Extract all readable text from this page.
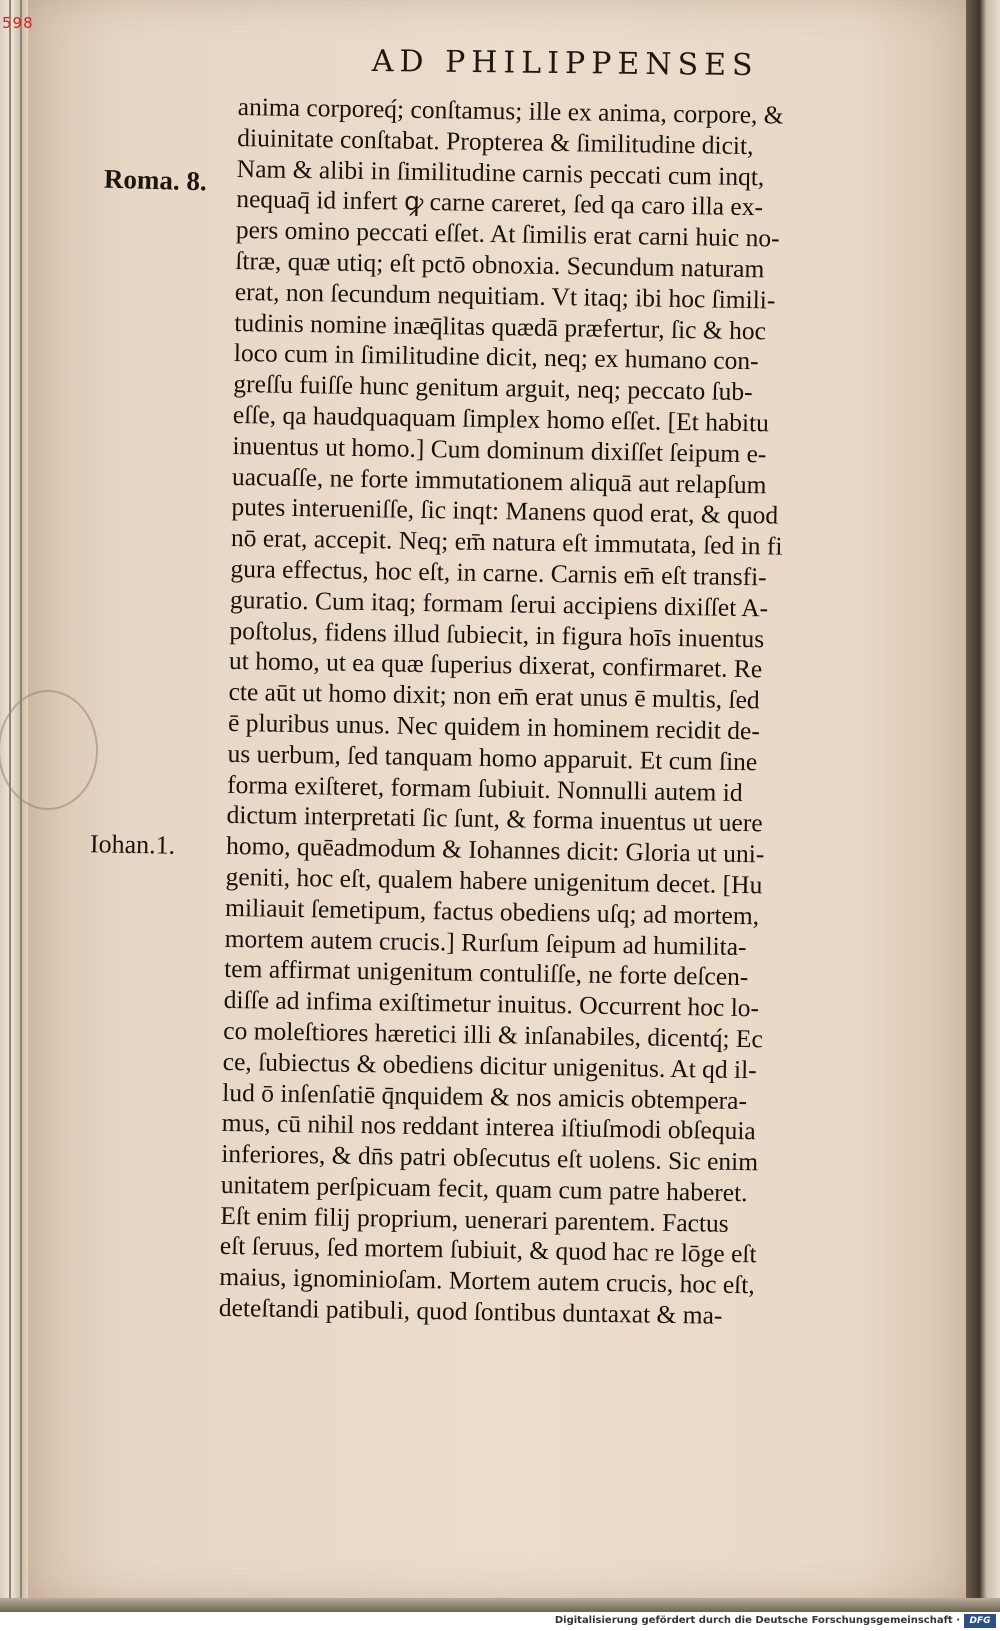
598
AD PHILIPPENSES
Roma. 8.
Iohan.1.
anima corporeq́; conſtamus; ille ex anima, corpore, &
diuinitate conſtabat. Propterea & ſimilitudine dicit,
Nam & alibi in ſimilitudine carnis peccati cum inqt,
nequaq̄ id infert ꝙ carne careret, ſed qa caro illa ex-
pers omino peccati eſſet. At ſimilis erat carni huic no-
ſtræ, quæ utiq; eſt pctō obnoxia. Secundum naturam
erat, non ſecundum nequitiam. Vt itaq; ibi hoc ſimili-
tudinis nomine inæq̄litas quædā præfertur, ſic & hoc
loco cum in ſimilitudine dicit, neq; ex humano con-
greſſu fuiſſe hunc genitum arguit, neq; peccato ſub-
eſſe, qa haudquaquam ſimplex homo eſſet. [Et habitu
inuentus ut homo.] Cum dominum dixiſſet ſeipum e-
uacuaſſe, ne forte immutationem aliquā aut relapſum
putes interueniſſe, ſic inqt: Manens quod erat, & quod
nō erat, accepit. Neq; em̄ natura eſt immutata, ſed in fi
gura effectus, hoc eſt, in carne. Carnis em̄ eſt transfi-
guratio. Cum itaq; formam ſerui accipiens dixiſſet A-
poſtolus, fidens illud ſubiecit, in figura hoīs inuentus
ut homo, ut ea quæ ſuperius dixerat, confirmaret. Re
cte aūt ut homo dixit; non em̄ erat unus ē multis, ſed
ē pluribus unus. Nec quidem in hominem recidit de-
us uerbum, ſed tanquam homo apparuit. Et cum ſine
forma exiſteret, formam ſubiuit. Nonnulli autem id
dictum interpretati ſic ſunt, & forma inuentus ut uere
homo, quēadmodum & Iohannes dicit: Gloria ut uni-
geniti, hoc eſt, qualem habere unigenitum decet. [Hu
miliauit ſemetipum, factus obediens uſq; ad mortem,
mortem autem crucis.] Rurſum ſeipum ad humilita-
tem affirmat unigenitum contuliſſe, ne forte deſcen-
diſſe ad infima exiſtimetur inuitus. Occurrent hoc lo-
co moleſtiores hæretici illi & inſanabiles, dicentq́; Ec
ce, ſubiectus & obediens dicitur unigenitus. At qd il-
lud ō inſenſatiē q̄nquidem & nos amicis obtempera-
mus, cū nihil nos reddant interea iſtiuſmodi obſequia
inferiores, & dn̄s patri obſecutus eſt uolens. Sic enim
unitatem perſpicuam fecit, quam cum patre haberet.
Eſt enim filij proprium, uenerari parentem. Factus
eſt ſeruus, ſed mortem ſubiuit, & quod hac re lōge eſt
maius, ignominioſam. Mortem autem crucis, hoc eſt,
deteſtandi patibuli, quod ſontibus duntaxat & ma-
Digitalisierung gefördert durch die Deutsche Forschungsgemeinschaft ·	DFG
